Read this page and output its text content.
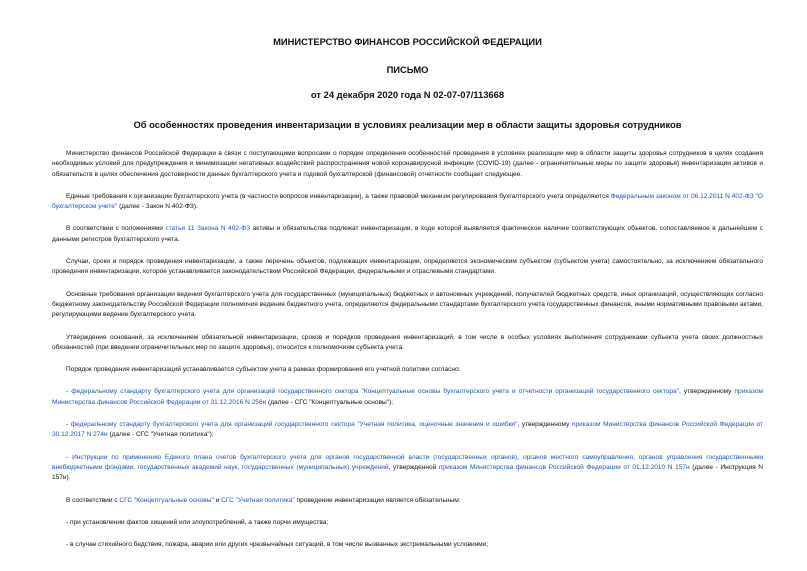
МИНИСТЕРСТВО ФИНАНСОВ РОССИЙСКОЙ ФЕДЕРАЦИИ
ПИСЬМО
от 24 декабря 2020 года N 02-07-07/113668
Об особенностях проведения инвентаризации в условиях реализации мер в области защиты здоровья сотрудников

Министерство финансов Российской Федерации в связи с поступающими вопросами о порядке определения особенностей проведения в условиях реализации мер в области защиты здоровья сотрудников в целях создания необходимых условий для предупреждения и минимизации негативных воздействий распространения новой коронавирусной инфекции (COVID-19) (далее - ограничительные меры по защите здоровья) инвентаризации активов и обязательств в целях обеспечения достоверности данных бухгалтерского учета и годовой бухгалтерской (финансовой) отчетности сообщает следующее.

Единые требования к организации бухгалтерского учета (в частности вопросов инвентаризации), а также правовой механизм регулирования бухгалтерского учета определяются Федеральным законом от 06.12.2011 N 402-ФЗ "О бухгалтерском учете" (далее - Закон N 402-ФЗ).

В соответствии с положениями статьи 11 Закона N 402-ФЗ активы и обязательства подлежат инвентаризации, в ходе которой выявляется фактическое наличие соответствующих объектов, сопоставляемое в дальнейшем с данными регистров бухгалтерского учета.

Случаи, сроки и порядок проведения инвентаризации, а также перечень объектов, подлежащих инвентаризации, определяются экономическим субъектом (субъектом учета) самостоятельно, за исключением обязательного проведения инвентаризации, которое устанавливается законодательством Российской Федерации, федеральными и отраслевыми стандартами.

Основные требования организации ведения бухгалтерского учета для государственных (муниципальных) бюджетных и автономных учреждений, получателей бюджетных средств, иных организаций, осуществляющих согласно бюджетному законодательству Российской Федерации полномочия ведения бюджетного учета, определяются федеральными стандартами бухгалтерского учета государственных финансов, иными нормативными правовыми актами, регулирующими ведение бухгалтерского учета.

Утверждение оснований, за исключением обязательной инвентаризации, сроков и порядков проведения инвентаризаций, в том числе в особых условиях выполнения сотрудниками субъекта учета своих должностных обязанностей (при введении ограничительных мер по защите здоровья), относится к полномочиям субъекта учета.

Порядок проведения инвентаризаций устанавливается субъектом учета в рамках формирования его учетной политики согласно:

- федеральному стандарту бухгалтерского учета для организаций государственного сектора "Концептуальные основы бухгалтерского учета и отчетности организаций государственного сектора", утвержденному приказом Министерства финансов Российской Федерации от 31.12.2016 N 256н (далее - СГС "Концептуальные основы");

- федеральному стандарту бухгалтерского учета для организаций государственного сектора "Учетная политика, оценочные значения и ошибки", утвержденному приказом Министерства финансов Российской Федерации от 30.12.2017 N 274н (далее - СГС "Учетная политика");

- Инструкции по применению Единого плана счетов бухгалтерского учета для органов государственной власти (государственных органов), органов местного самоуправления, органов управления государственными внебюджетными фондами, государственных академий наук, государственных (муниципальных) учреждений, утвержденной приказом Министерства финансов Российской Федерации от 01.12.2010 N 157н (далее - Инструкция N 157н).

В соответствии с СГС "Концептуальные основы" и СГС "Учетная политика" проведение инвентаризации является обязательным:

- при установлении фактов хищений или злоупотреблений, а также порчи имущества;

- в случае стихийного бедствия, пожара, аварии или других чрезвычайных ситуаций, в том числе вызванных экстремальными условиями;
